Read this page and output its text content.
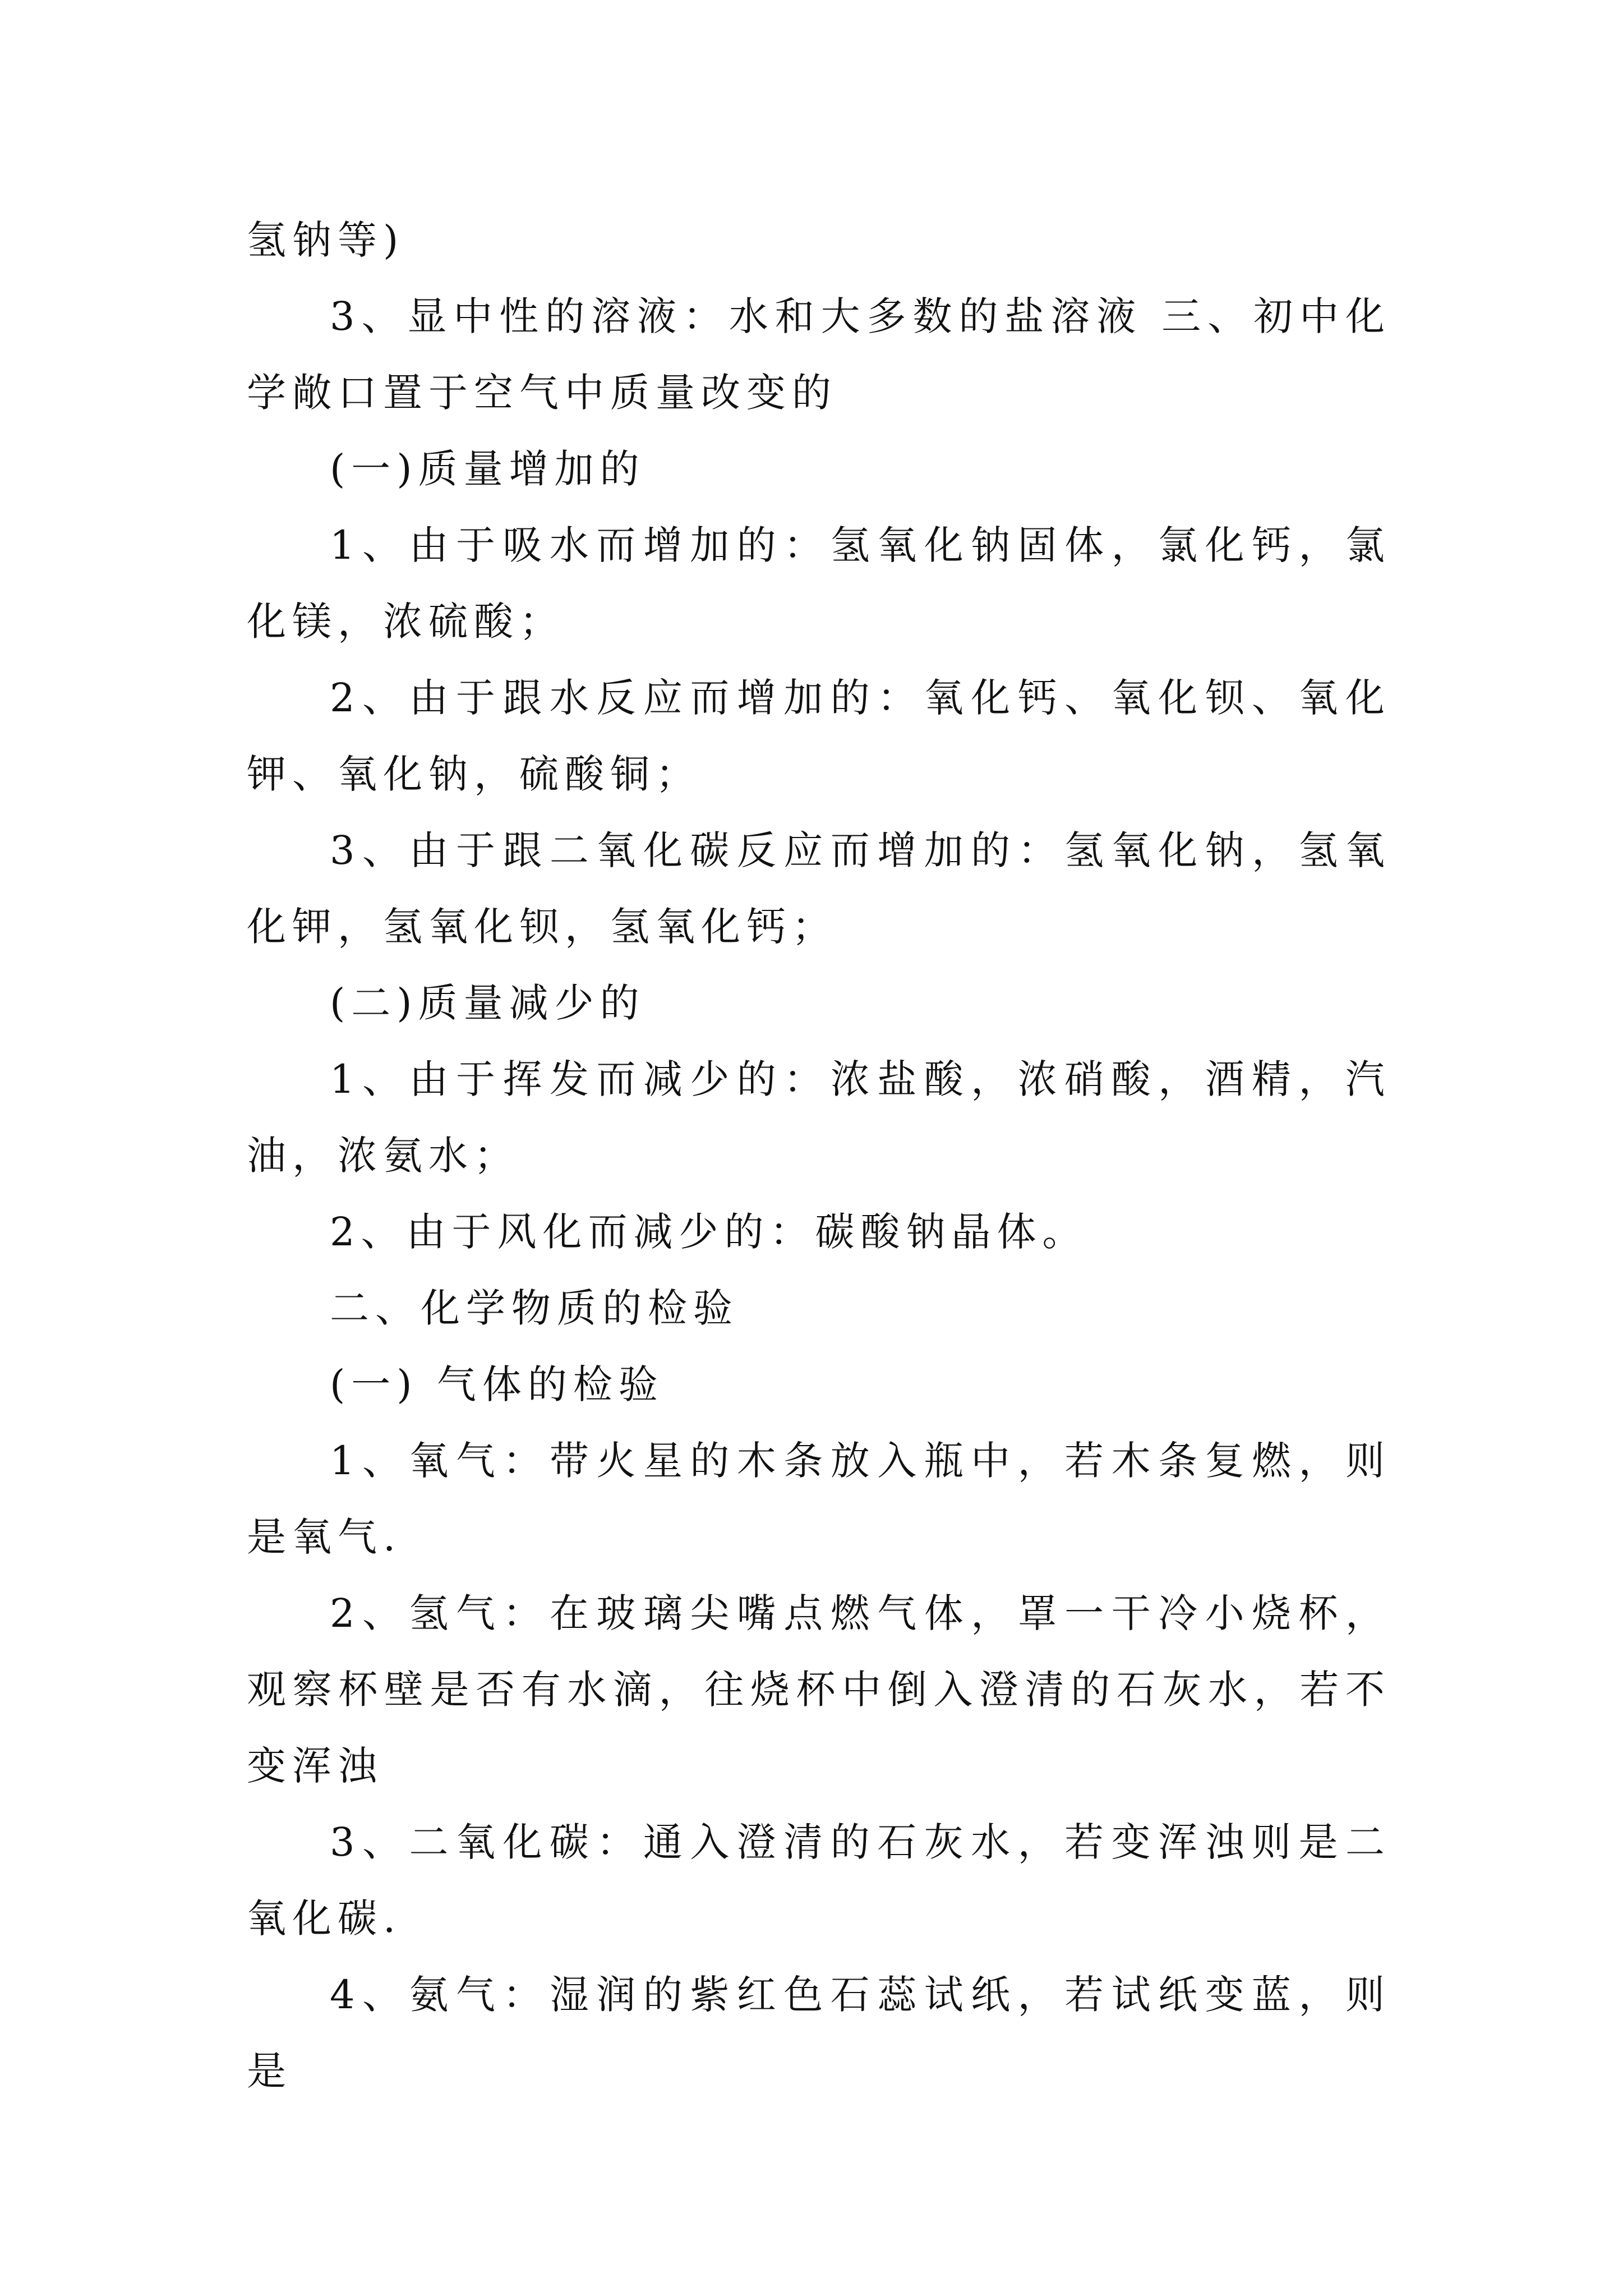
氢钠等)

3、显中性的溶液：水和大多数的盐溶液 三、初中化学敞口置于空气中质量改变的

(一)质量增加的

1、由于吸水而增加的：氢氧化钠固体，氯化钙，氯化镁，浓硫酸；

2、由于跟水反应而增加的：氧化钙、氧化钡、氧化钾、氧化钠，硫酸铜；

3、由于跟二氧化碳反应而增加的：氢氧化钠，氢氧化钾，氢氧化钡，氢氧化钙；

(二)质量减少的

1、由于挥发而减少的：浓盐酸，浓硝酸，酒精，汽油，浓氨水；

2、由于风化而减少的：碳酸钠晶体。

二、化学物质的检验

(一) 气体的检验

1、氧气：带火星的木条放入瓶中，若木条复燃，则是氧气.

2、氢气：在玻璃尖嘴点燃气体，罩一干冷小烧杯，观察杯壁是否有水滴，往烧杯中倒入澄清的石灰水，若不变浑浊

3、二氧化碳：通入澄清的石灰水，若变浑浊则是二氧化碳.

4、氨气：湿润的紫红色石蕊试纸，若试纸变蓝，则是
